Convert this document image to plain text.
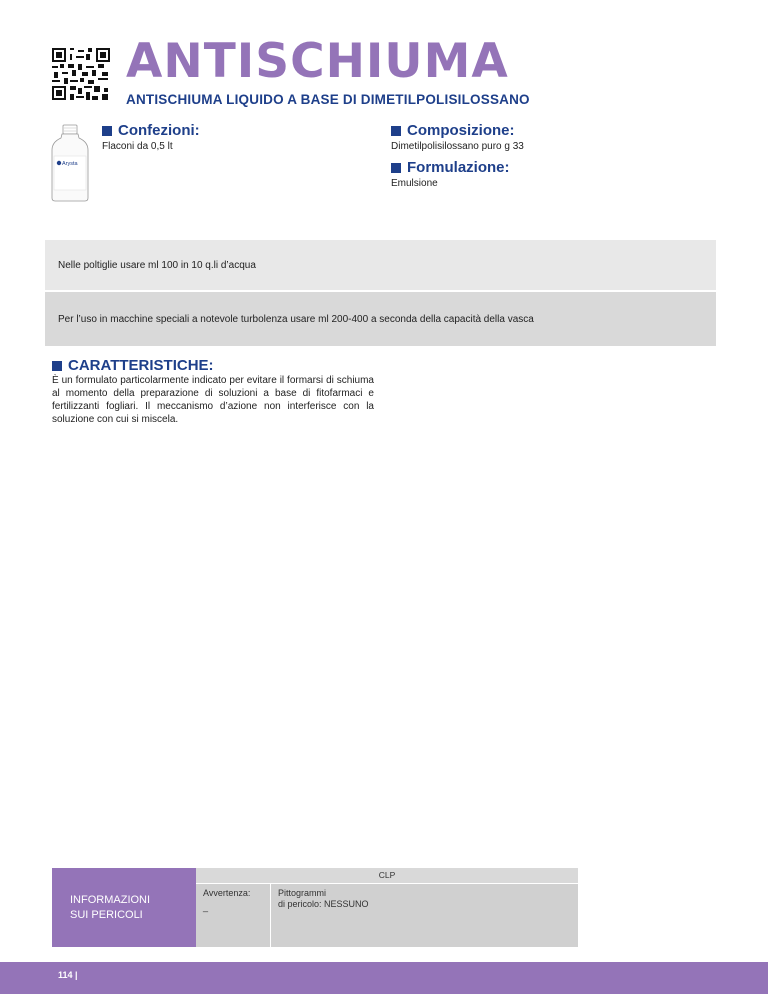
ANTISCHIUMA
ANTISCHIUMA LIQUIDO A BASE DI DIMETILPOLISILOSSANO
Arysta
Confezioni:
Flaconi da 0,5 lt
Composizione:
Dimetilpolisilossano puro g 33
Formulazione:
Emulsione
Nelle poltiglie usare ml 100 in 10 q.li d’acqua
Per l’uso in macchine speciali a notevole turbolenza usare ml 200-400 a seconda della capacità della vasca
CARATTERISTICHE:
È un formulato particolarmente indicato per evitare il formarsi di schiuma al momento della preparazione di soluzioni a base di fitofarmaci e fertilizzanti fogliari. Il meccanismo d’azione non interferisce con la soluzione con cui si miscela.
INFORMAZIONI
SUI PERICOLI
CLP
Avvertenza:
_
Pittogrammi
di pericolo: NESSUNO
114 |
